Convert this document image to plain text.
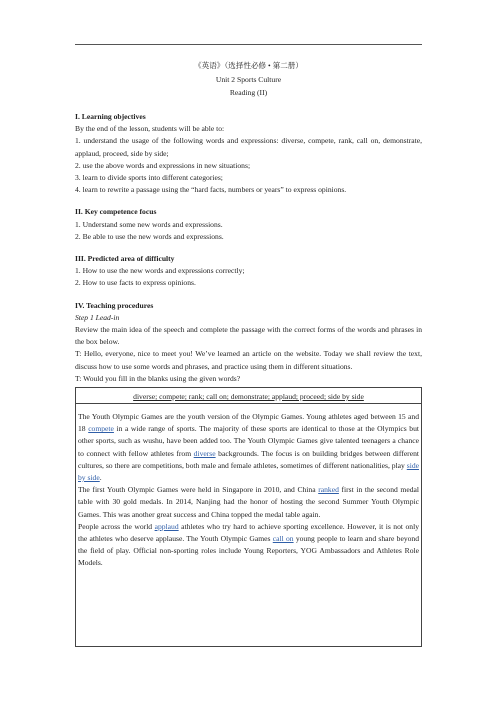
《英语》（选择性必修 • 第二册）
Unit 2 Sports Culture
Reading (II)

I. Learning objectives

By the end of the lesson, students will be able to:

1. understand the usage of the following words and expressions: diverse, compete, rank, call on, demonstrate, applaud, proceed, side by side;

2. use the above words and expressions in new situations;

3. learn to divide sports into different categories;

4. learn to rewrite a passage using the “hard facts, numbers or years” to express opinions.

II. Key competence focus

1. Understand some new words and expressions.

2. Be able to use the new words and expressions.

III. Predicted area of difficulty

1. How to use the new words and expressions correctly;

2. How to use facts to express opinions.

IV. Teaching procedures

Step 1 Lead-in

Review the main idea of the speech and complete the passage with the correct forms of the words and phrases in the box below.

T: Hello, everyone, nice to meet you! We’ve learned an article on the website. Today we shall review the text, discuss how to use some words and phrases, and practice using them in different situations.

T: Would you fill in the blanks using the given words?

diverse; compete; rank; call on; demonstrate; applaud; proceed; side by side

The Youth Olympic Games are the youth version of the Olympic Games. Young athletes aged between 15 and 18 compete in a wide range of sports. The majority of these sports are identical to those at the Olympics but other sports, such as wushu, have been added too. The Youth Olympic Games give talented teenagers a chance to connect with fellow athletes from diverse backgrounds. The focus is on building bridges between different cultures, so there are competitions, both male and female athletes, sometimes of different nationalities, play side by side.

The first Youth Olympic Games were held in Singapore in 2010, and China ranked first in the second medal table with 30 gold medals. In 2014, Nanjing had the honor of hosting the second Summer Youth Olympic Games. This was another great success and China topped the medal table again.

People across the world applaud athletes who try hard to achieve sporting excellence. However, it is not only the athletes who deserve applause. The Youth Olympic Games call on young people to learn and share beyond the field of play. Official non-sporting roles include Young Reporters, YOG Ambassadors and Athletes Role Models.
